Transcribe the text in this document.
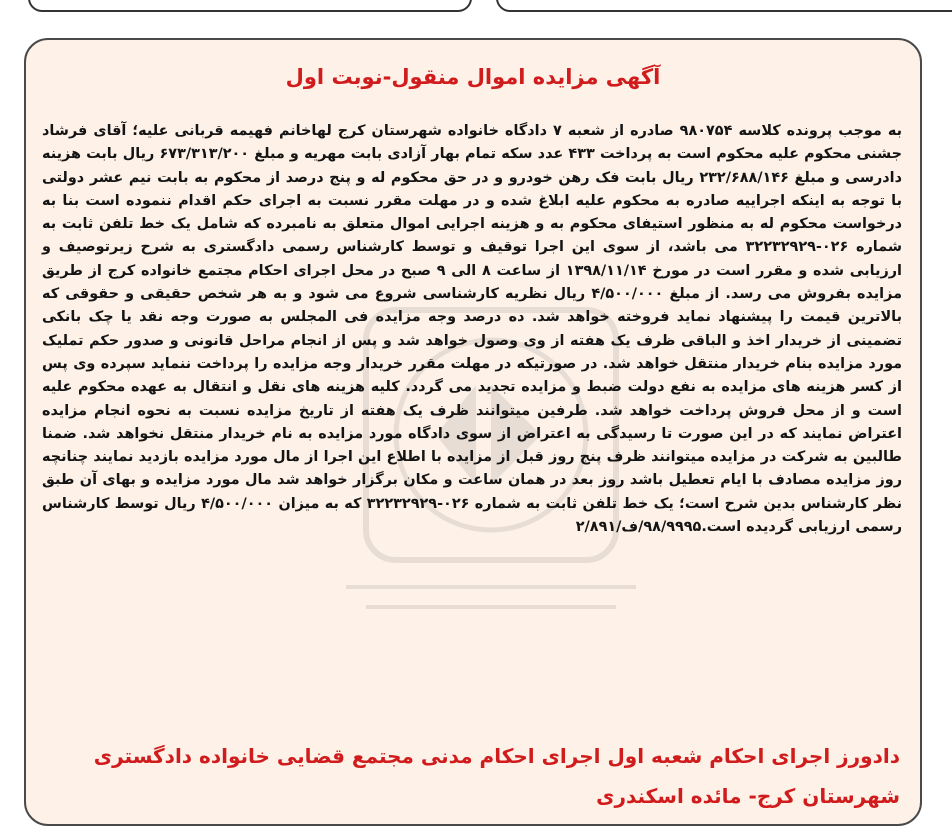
آگهی مزایده اموال منقول-نوبت اول

به موجب پرونده کلاسه ۹۸۰۷۵۴ صادره از شعبه ۷ دادگاه خانواده شهرستان کرج لهاخانم فهیمه قربانی علیه؛ آقای فرشاد جشنی محکوم علیه محکوم است به پرداخت ۴۳۳ عدد سکه تمام بهار آزادی بابت مهریه و مبلغ ۶۷۳/۳۱۳/۲۰۰ ریال بابت هزینه دادرسی و مبلغ ۲۳۲/۶۸۸/۱۴۶ ریال بابت فک رهن خودرو و در حق محکوم له و پنج درصد از محکوم به بابت نیم عشر دولتی با توجه به اینکه اجراییه صادره به محکوم علیه ابلاغ شده و در مهلت مقرر نسبت به اجرای حکم اقدام ننموده است بنا به درخواست محکوم له به منظور استیفای محکوم به و هزینه اجرایی اموال متعلق به نامبرده که شامل یک خط تلفن ثابت به شماره ۰۲۶-۳۲۲۳۲۹۲۹ می باشد، از سوی این اجرا توقیف و توسط کارشناس رسمی دادگستری به شرح زیرتوصیف و ارزیابی شده و مقرر است در مورخ ۱۳۹۸/۱۱/۱۴ از ساعت ۸ الی ۹ صبح در محل اجرای احکام مجتمع خانواده کرج از طریق مزایده بفروش می رسد. از مبلغ ۴/۵۰۰/۰۰۰ ریال نظریه کارشناسی شروع می شود و به هر شخص حقیقی و حقوقی که بالاترین قیمت را پیشنهاد نماید فروخته خواهد شد. ده درصد وجه مزایده فی المجلس به صورت وجه نقد یا چک بانکی تضمینی از خریدار اخذ و الباقی ظرف یک هفته از وی وصول خواهد شد و پس از انجام مراحل قانونی و صدور حکم تملیک مورد مزایده بنام خریدار منتقل خواهد شد. در صورتیکه در مهلت مقرر خریدار وجه مزایده را پرداخت ننماید سپرده وی پس از کسر هزینه های مزایده به نفع دولت ضبط و مزایده تجدید می گردد. کلیه هزینه های نقل و انتقال به عهده محکوم علیه است و از محل فروش پرداخت خواهد شد. طرفین میتوانند ظرف یک هفته از تاریخ مزایده نسبت به نحوه انجام مزایده اعتراض نمایند که در این صورت تا رسیدگی به اعتراض از سوی دادگاه مورد مزایده به نام خریدار منتقل نخواهد شد. ضمنا طالبین به شرکت در مزایده میتوانند ظرف پنج روز قبل از مزایده با اطلاع این اجرا از مال مورد مزایده بازدید نمایند چنانچه روز مزایده مصادف با ایام تعطیل باشد روز بعد در همان ساعت و مکان برگزار خواهد شد مال مورد مزایده و بهای آن طبق نظر کارشناس بدین شرح است؛ یک خط تلفن ثابت به شماره ۰۲۶-۳۲۲۳۲۹۲۹ که به میزان ۴/۵۰۰/۰۰۰ ریال توسط کارشناس رسمی ارزیابی گردیده است.۹۸/۹۹۹۵/ف/۲/۸۹۱

دادورز اجرای احکام شعبه اول اجرای احکام مدنی مجتمع قضایی خانواده دادگستری
شهرستان کرج- مائده اسکندری
